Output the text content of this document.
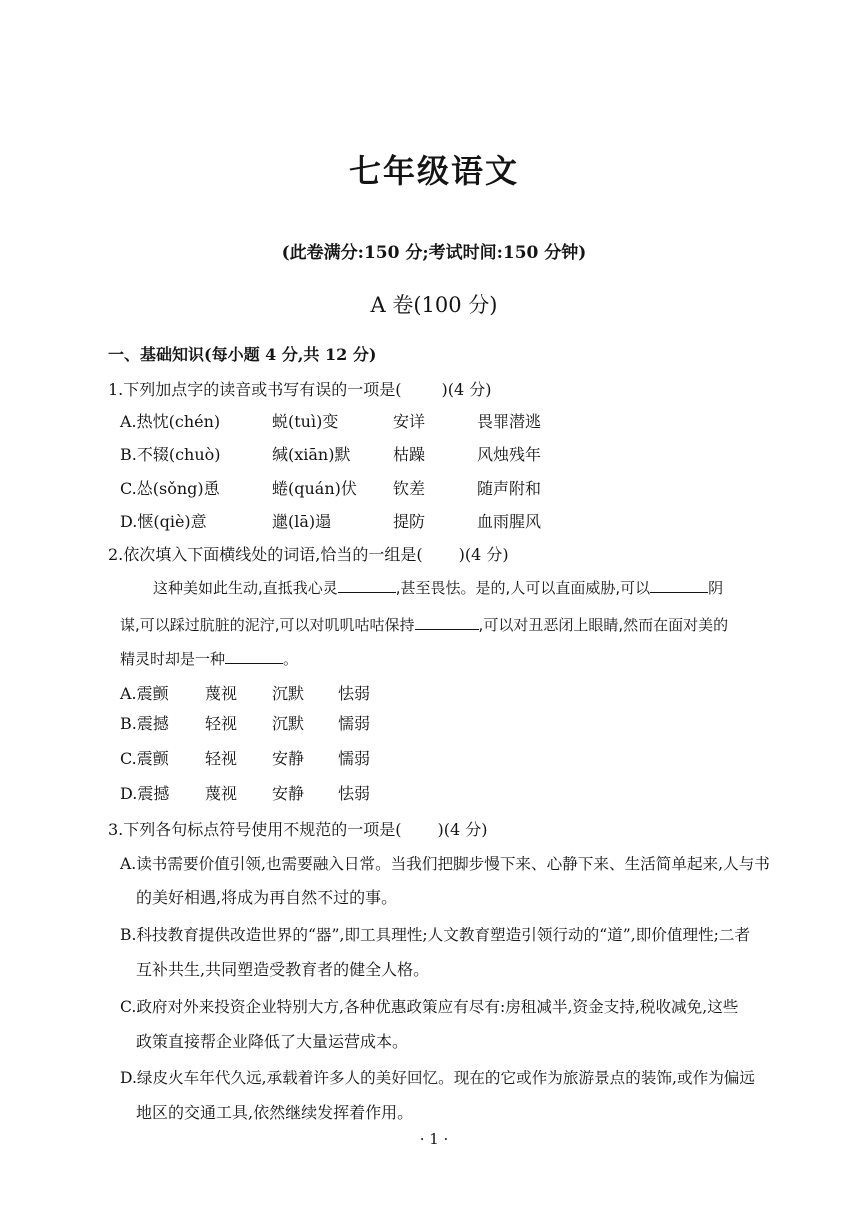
七年级语文
(此卷满分:150 分;考试时间:150 分钟)
A 卷(100 分)
一、基础知识(每小题 4 分,共 12 分)
1.下列加点字的读音或书写有误的一项是(	)(4 分)
A.热忱(chén)	蜕(tuì)变	安详	畏罪潜逃
B.不辍(chuò)	缄(xiān)默	枯躁	风烛残年
C.怂(sǒng)恿	蜷(quán)伏 钦差	随声附和
D.惬(qiè)意	邋(lā)遢	提防	血雨腥风
2.依次填入下面横线处的词语,恰当的一组是( )(4 分)
这种美如此生动,直抵我心灵	,甚至畏怯。是的,人可以直面威胁,可以	阴
谋,可以踩过肮脏的泥泞,可以对叽叽咕咕保持	,可以对丑恶闭上眼睛,然而在面对美的
精灵时却是一种	。
A.震颤 蔑视 沉默 怯弱
B.震撼 轻视 沉默 懦弱
C.震颤 轻视 安静 懦弱
D.震撼 蔑视 安静 怯弱
3.下列各句标点符号使用不规范的一项是( )(4 分)
A.读书需要价值引领,也需要融入日常。当我们把脚步慢下来、心静下来、生活简单起来,人与书
的美好相遇,将成为再自然不过的事。
B.科技教育提供改造世界的“器”,即工具理性;人文教育塑造引领行动的“道”,即价值理性;二者
互补共生,共同塑造受教育者的健全人格。
C.政府对外来投资企业特别大方,各种优惠政策应有尽有:房租减半,资金支持,税收减免,这些
政策直接帮企业降低了大量运营成本。
D.绿皮火车年代久远,承载着许多人的美好回忆。现在的它或作为旅游景点的装饰,或作为偏远
地区的交通工具,依然继续发挥着作用。
· 1 ·
